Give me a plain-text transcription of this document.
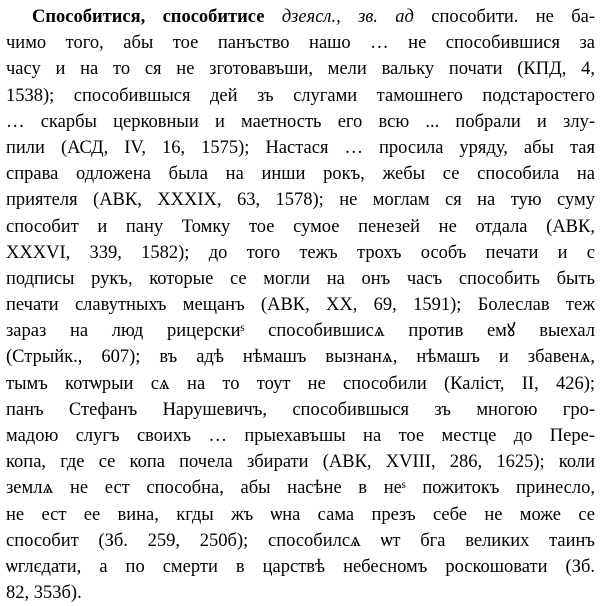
Способитися, способитисе дзеясл., зв. ад способити. не ба-
чимо того, абы тое панъство нашо … не способившися за
часу и на то ся не зготовавъши, мели вальку почати (КПД, 4,
1538); способившыся дей зъ слугами тамошнего подстаростего
… скарбы церковныи и маетность его всю ... побрали и злу-
пили (АСД, IV, 16, 1575); Настася … просила уряду, абы тая
справа одложена была на инши рокъ, жебы се способила на
приятеля (АВК, XXXIX, 63, 1578); не моглам ся на тую суму
способит и пану Томку тое сумое пенезей не отдала (АВК,
XXXVI, 339, 1582); до того тежъ трохъ особъ печати и с
подписы рукъ, которые се могли на онъ часъ способить быть
печати славутныхъ мещанъ (АВК, XX, 69, 1591); Болеслав теж
зараз на люд рицерскиˢ способившисѧ против емꙋ выехал
(Стрыйк., 607); въ адѣ нѣмашъ вызнанѧ, нѣмашъ и збавенѧ,
тымъ котѡрыи сѧ на то тоут не способили (Каліст, II, 426);
панъ Стефанъ Нарушевичъ, способившыся зъ многою гро-
мадою слугъ своихъ … прыехавъшы на тое местце до Пере-
копа, где се копа почела збирати (АВК, XVIII, 286, 1625); коли
землѧ не ест способна, абы насѣне в неˢ пожитокъ принесло,
не ест ее вина, кгды жъ ѡна сама презъ себе не може се
способит (Зб. 259, 250б); способилсѧ ѡт бга великих таинъ
ѡглєдати, а по смерти в царствѣ небесномъ роскошовати (Зб.
82, 353б).
